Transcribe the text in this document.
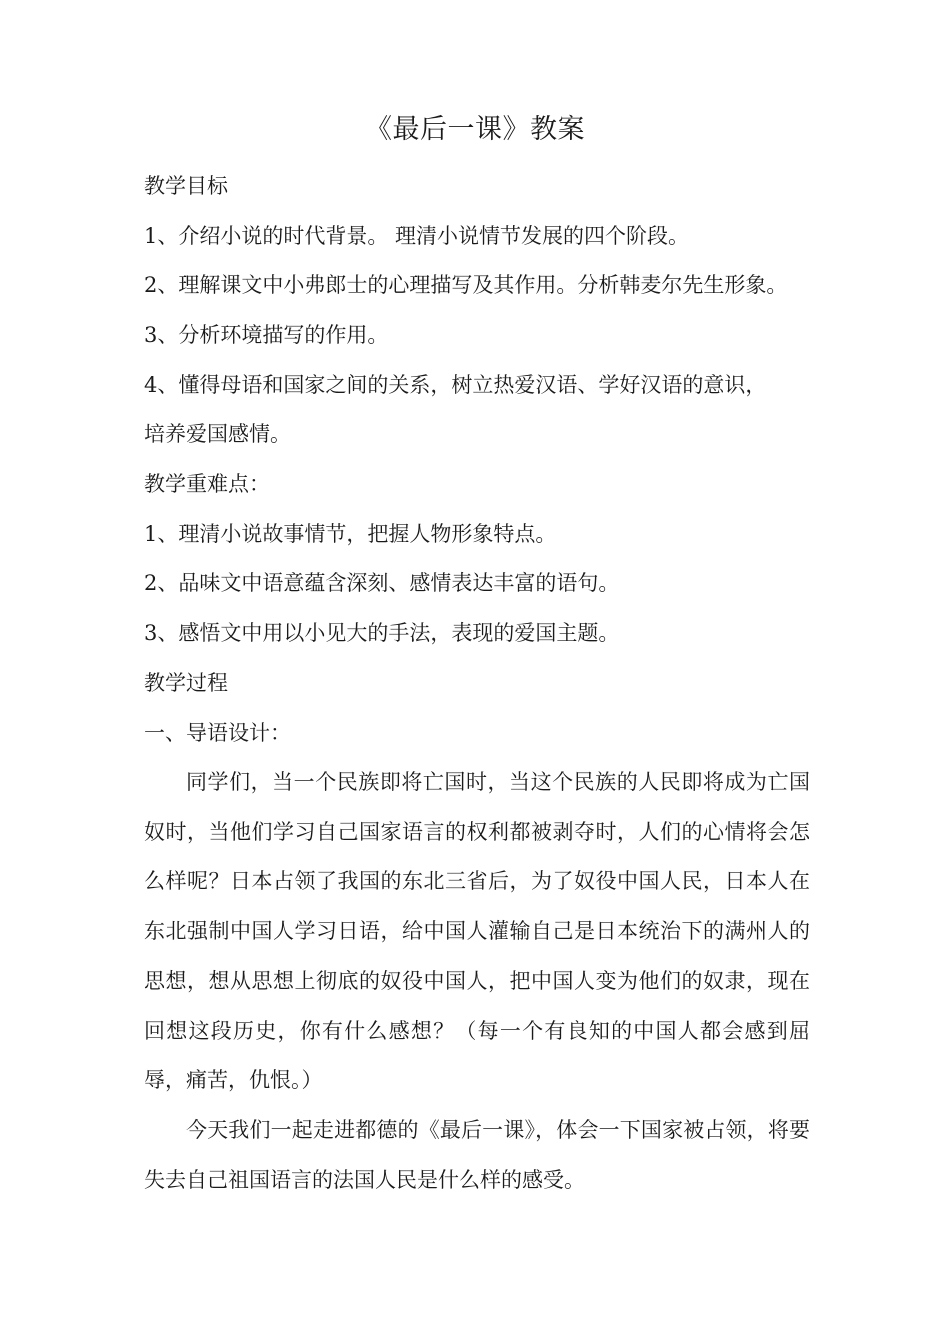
《最后一课》教案
教学目标
1、介绍小说的时代背景。 理清小说情节发展的四个阶段。
2、理解课文中小弗郎士的心理描写及其作用。分析韩麦尔先生形象。
3、分析环境描写的作用。
4、懂得母语和国家之间的关系，树立热爱汉语、学好汉语的意识，
培养爱国感情。
教学重难点：
1、理清小说故事情节，把握人物形象特点。
2、品味文中语意蕴含深刻、感情表达丰富的语句。
3、感悟文中用以小见大的手法，表现的爱国主题。
教学过程
一、导语设计：
同学们，当一个民族即将亡国时，当这个民族的人民即将成为亡国奴时，当他们学习自己国家语言的权利都被剥夺时，人们的心情将会怎么样呢？日本占领了我国的东北三省后，为了奴役中国人民，日本人在东北强制中国人学习日语，给中国人灌输自己是日本统治下的满州人的思想，想从思想上彻底的奴役中国人，把中国人变为他们的奴隶，现在回想这段历史，你有什么感想？（每一个有良知的中国人都会感到屈辱，痛苦，仇恨。）
今天我们一起走进都德的《最后一课》，体会一下国家被占领，将要失去自己祖国语言的法国人民是什么样的感受。
